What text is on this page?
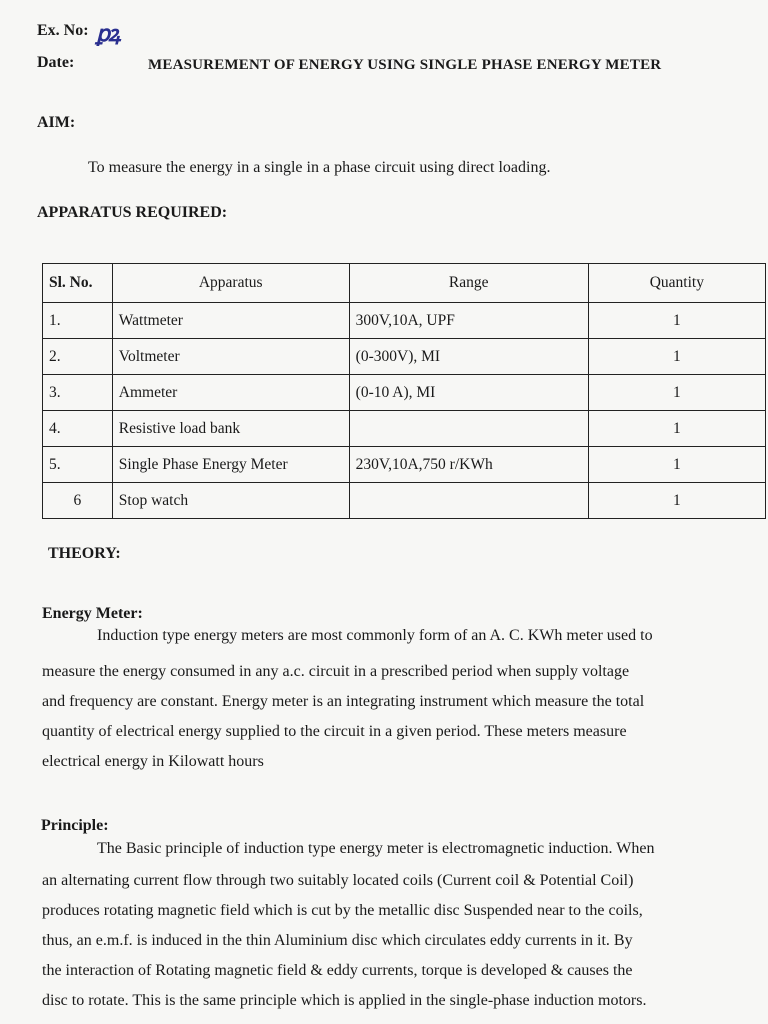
Ex. No: ꝑꝝ
Date:	MEASUREMENT OF ENERGY USING SINGLE PHASE ENERGY METER
AIM:
To measure the energy in a single in a phase circuit using direct loading.
APPARATUS REQUIRED:
Sl. No.	Apparatus	Range	Quantity
1.	Wattmeter	300V,10A, UPF	1
2.	Voltmeter	(0-300V), MI	1
3.	Ammeter	(0-10 A), MI	1
4.	Resistive load bank		1
5.	Single Phase Energy Meter	230V,10A,750 r/KWh	1
6	Stop watch		1
THEORY:
Energy Meter:
Induction type energy meters are most commonly form of an A. C. KWh meter used to
measure the energy consumed in any a.c. circuit in a prescribed period when supply voltage
and frequency are constant. Energy meter is an integrating instrument which measure the total
quantity of electrical energy supplied to the circuit in a given period. These meters measure
electrical energy in Kilowatt hours
Principle:
The Basic principle of induction type energy meter is electromagnetic induction. When
an alternating current flow through two suitably located coils (Current coil & Potential Coil)
produces rotating magnetic field which is cut by the metallic disc Suspended near to the coils,
thus, an e.m.f. is induced in the thin Aluminium disc which circulates eddy currents in it. By
the interaction of Rotating magnetic field & eddy currents, torque is developed & causes the
disc to rotate. This is the same principle which is applied in the single-phase induction motors.
